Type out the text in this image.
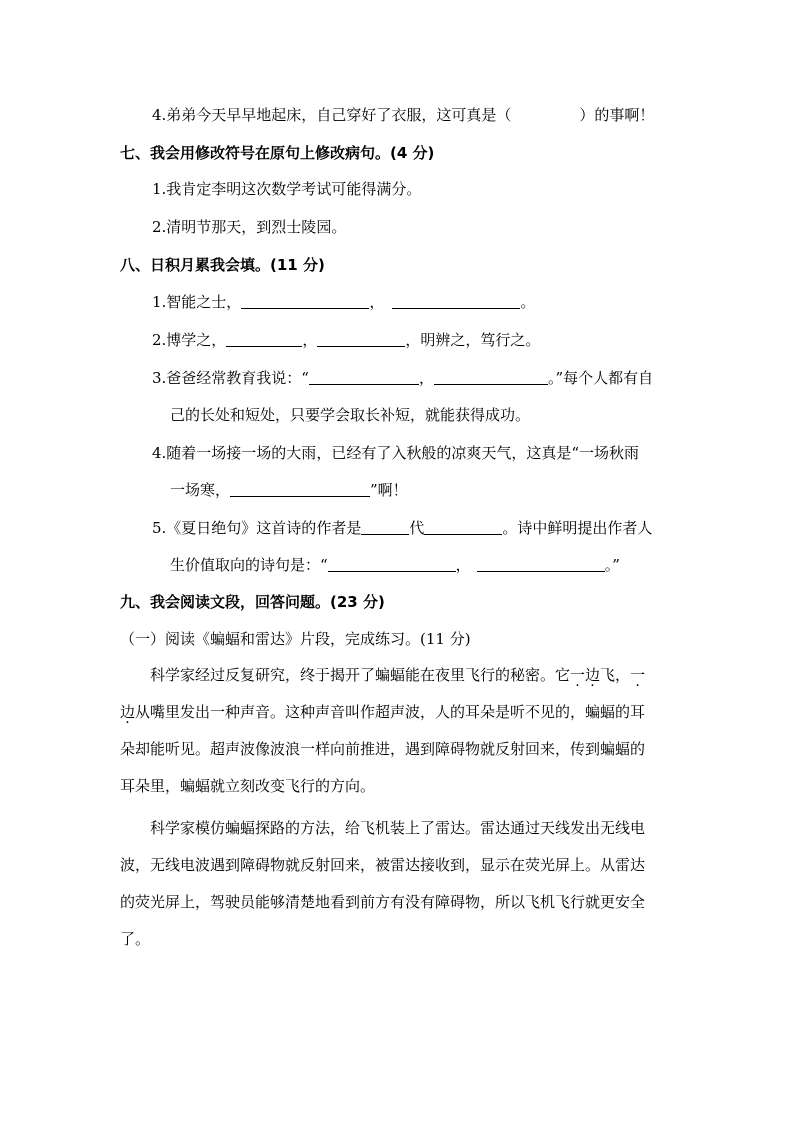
4.弟弟今天早早地起床，自己穿好了衣服，这可真是（	）的事啊！
七、我会用修改符号在原句上修改病句。(4 分)
1.我肯定李明这次数学考试可能得满分。
2.清明节那天，到烈士陵园。
八、日积月累我会填。(11 分)
1.智能之士，	，	。
2.博学之，	，	，明辨之，笃行之。
3.爸爸经常教育我说：“	，	。”每个人都有自
己的长处和短处，只要学会取长补短，就能获得成功。
4.随着一场接一场的大雨，已经有了入秋般的凉爽天气，这真是“一场秋雨
一场寒，	”啊！
5.《夏日绝句》这首诗的作者是	代	。诗中鲜明提出作者人
生价值取向的诗句是：“	，	。”
九、我会阅读文段，回答问题。(23 分)
（一）阅读《蝙蝠和雷达》片段，完成练习。(11 分)
科学家经过反复研究，终于揭开了蝙蝠能在夜里飞行的秘密。它一边飞，一
边从嘴里发出一种声音。这种声音叫作超声波，人的耳朵是听不见的，蝙蝠的耳
朵却能听见。超声波像波浪一样向前推进，遇到障碍物就反射回来，传到蝙蝠的
耳朵里，蝙蝠就立刻改变飞行的方向。
科学家模仿蝙蝠探路的方法，给飞机装上了雷达。雷达通过天线发出无线电
波，无线电波遇到障碍物就反射回来，被雷达接收到，显示在荧光屏上。从雷达
的荧光屏上，驾驶员能够清楚地看到前方有没有障碍物，所以飞机飞行就更安全
了。
